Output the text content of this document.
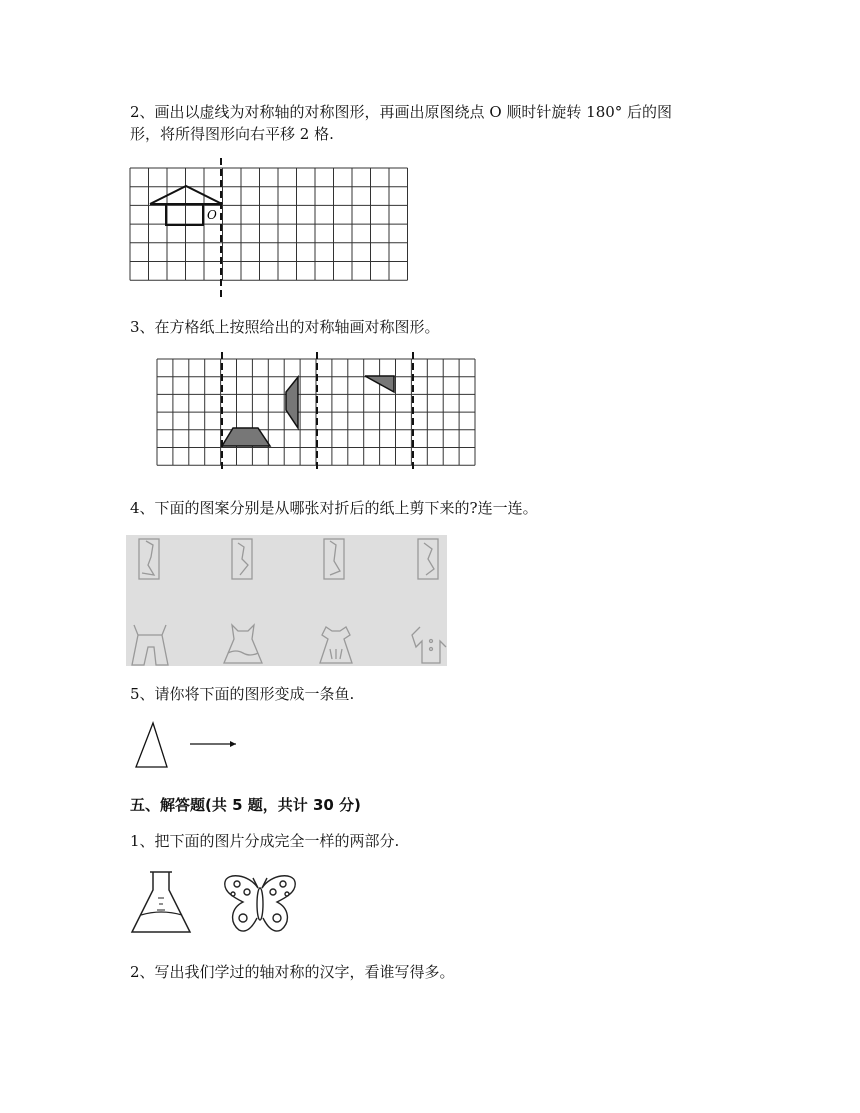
2、画出以虚线为对称轴的对称图形，再画出原图绕点 O 顺时针旋转 180° 后的图

形，将所得图形向右平移 2 格.

O

3、在方格纸上按照给出的对称轴画对称图形。

4、下面的图案分别是从哪张对折后的纸上剪下来的?连一连。

5、请你将下面的图形变成一条鱼.

五、解答题(共 5 题，共计 30 分)

1、把下面的图片分成完全一样的两部分.

2、写出我们学过的轴对称的汉字，看谁写得多。
